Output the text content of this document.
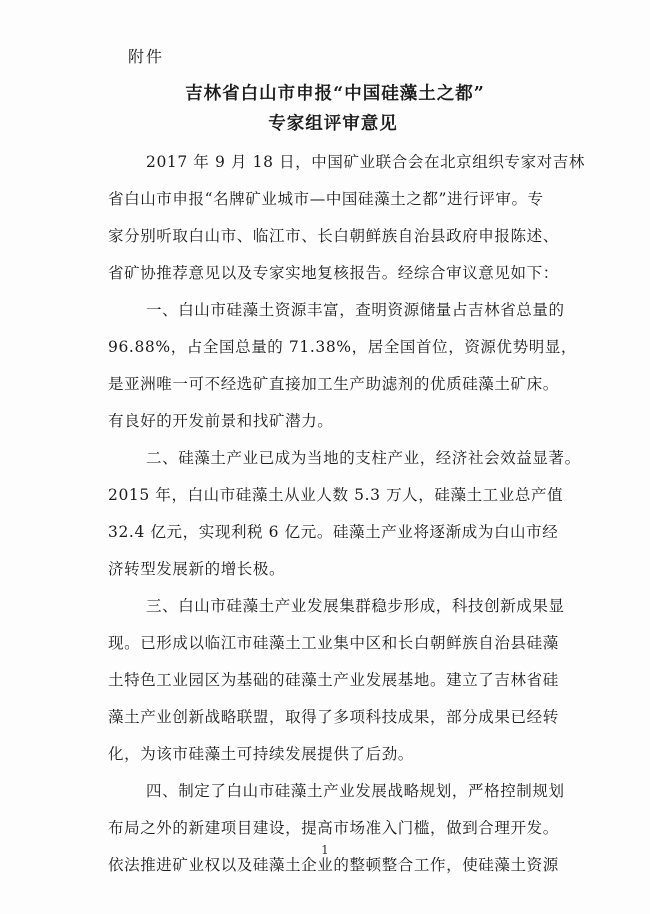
附件
吉林省白山市申报“中国硅藻土之都”
专家组评审意见
2017 年 9 月 18 日，中国矿业联合会在北京组织专家对吉林
省白山市申报“名牌矿业城市—中国硅藻土之都”进行评审。专
家分别听取白山市、临江市、长白朝鲜族自治县政府申报陈述、
省矿协推荐意见以及专家实地复核报告。经综合审议意见如下：
一、白山市硅藻土资源丰富，查明资源储量占吉林省总量的
96.88%，占全国总量的 71.38%，居全国首位，资源优势明显，
是亚洲唯一可不经选矿直接加工生产助滤剂的优质硅藻土矿床。
有良好的开发前景和找矿潜力。
二、硅藻土产业已成为当地的支柱产业，经济社会效益显著。
2015 年，白山市硅藻土从业人数 5.3 万人，硅藻土工业总产值
32.4 亿元，实现利税 6 亿元。硅藻土产业将逐渐成为白山市经
济转型发展新的增长极。
三、白山市硅藻土产业发展集群稳步形成，科技创新成果显
现。已形成以临江市硅藻土工业集中区和长白朝鲜族自治县硅藻
土特色工业园区为基础的硅藻土产业发展基地。建立了吉林省硅
藻土产业创新战略联盟，取得了多项科技成果，部分成果已经转
化，为该市硅藻土可持续发展提供了后劲。
四、制定了白山市硅藻土产业发展战略规划，严格控制规划
布局之外的新建项目建设，提高市场准入门槛，做到合理开发。
依法推进矿业权以及硅藻土企业的整顿整合工作，使硅藻土资源
1
